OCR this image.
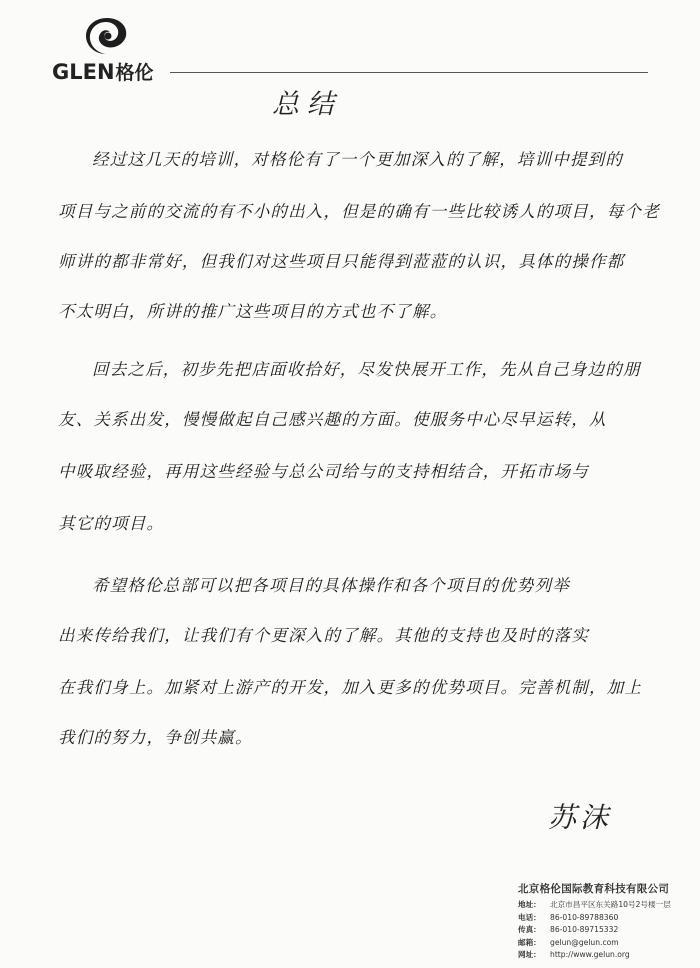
GLEN格伦
总结
经过这几天的培训，对格伦有了一个更加深入的了解，培训中提到的
项目与之前的交流的有不小的出入，但是的确有一些比较诱人的项目，每个老
师讲的都非常好，但我们对这些项目只能得到蒞蒞的认识，具体的操作都
不太明白，所讲的推广这些项目的方式也不了解。
回去之后，初步先把店面收拾好，尽发快展开工作，先从自己身边的朋
友、关系出发，慢慢做起自己感兴趣的方面。使服务中心尽早运转，从
中吸取经验，再用这些经验与总公司给与的支持相结合，开拓市场与
其它的项目。
希望格伦总部可以把各项目的具体操作和各个项目的优势列举
出来传给我们，让我们有个更深入的了解。其他的支持也及时的落实
在我们身上。加紧对上游产的开发，加入更多的优势项目。完善机制，加上
我们的努力，争创共赢。
苏沫
北京格伦国际教育科技有限公司
地址： 北京市昌平区东关路10号2号楼一层
电话： 86-010-89788360
传真： 86-010-89715332
邮箱： gelun@gelun.com
网址： http://www.gelun.org
